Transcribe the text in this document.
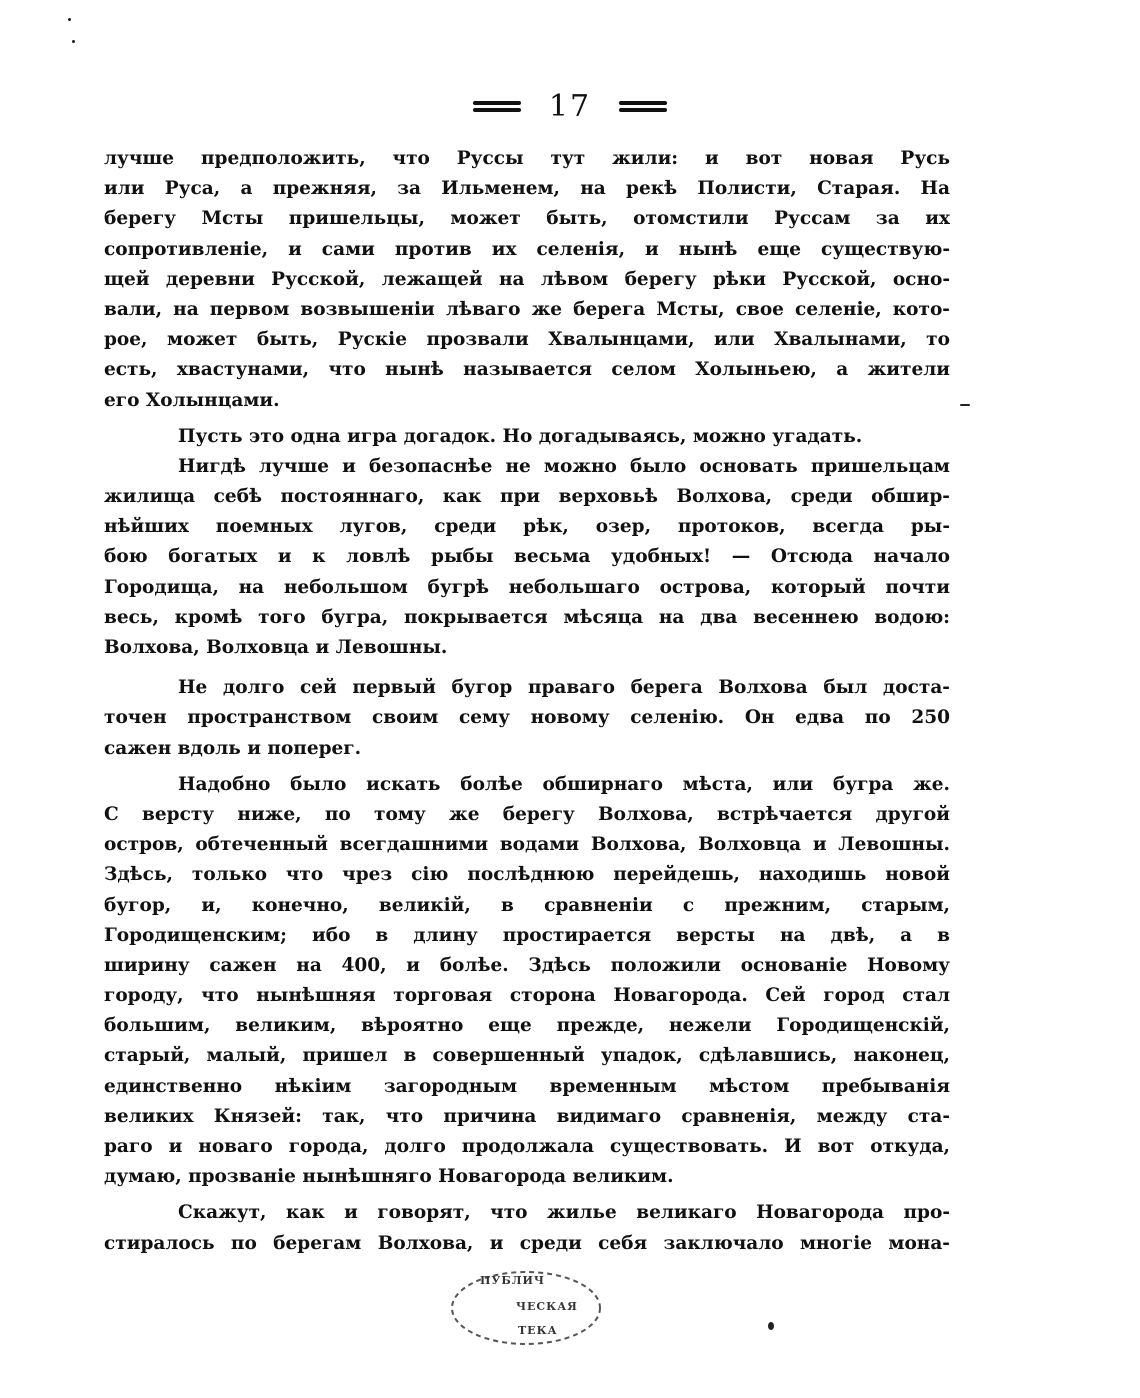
17
лучше предположить, что Руссы тут жили: и вот новая Русь
или Руса, а прежняя, за Ильменем, на рекѣ Полисти, Старая. На
берегу Мсты пришельцы, может быть, отомстили Руссам за их
сопротивленіе, и сами против их селенія, и нынѣ еще существую-
щей деревни Русской, лежащей на лѣвом берегу рѣки Русской, осно-
вали, на первом возвышеніи лѣваго же берега Мсты, свое селеніе, кото-
рое, может быть, Рускіе прозвали Хвалынцами, или Хвалынами, то
есть, хвастунами, что нынѣ называется селом Холыньею, а жители
его Холынцами.
Пусть это одна игра догадок. Но догадываясь, можно угадать.
Нигдѣ лучше и безопаснѣе не можно было основать пришельцам
жилища себѣ постояннаго, как при верховьѣ Волхова, среди обшир-
нѣйших поемных лугов, среди рѣк, озер, протоков, всегда ры-
бою богатых и к ловлѣ рыбы весьма удобных! — Отсюда начало
Городища, на небольшом бугрѣ небольшаго острова, который почти
весь, кромѣ того бугра, покрывается мѣсяца на два весеннею водою:
Волхова, Волховца и Левошны.
Не долго сей первый бугор праваго берега Волхова был доста-
точен пространством своим сему новому селенію. Он едва по 250
сажен вдоль и поперег.
Надобно было искать болѣе обширнаго мѣста, или бугра же.
С версту ниже, по тому же берегу Волхова, встрѣчается другой
остров, обтеченный всегдашними водами Волхова, Волховца и Левошны.
Здѣсь, только что чрез сію послѣднюю перейдешь, находишь новой
бугор, и, конечно, великій, в сравненіи с прежним, старым,
Городищенским; ибо в длину простирается версты на двѣ, а в
ширину сажен на 400, и болѣе. Здѣсь положили основаніе Новому
городу, что нынѣшняя торговая сторона Новагорода. Сей город стал
большим, великим, вѣроятно еще прежде, нежели Городищенскій,
старый, малый, пришел в совершенный упадок, сдѣлавшись, наконец,
единственно нѣкіим загородным временным мѣстом пребыванія
великих Князей: так, что причина видимаго сравненія, между ста-
раго и новаго города, долго продолжала существовать. И вот откуда,
думаю, прозваніе нынѣшняго Новагорода великим.
Скажут, как и говорят, что жилье великаго Новагорода про-
стиралось по берегам Волхова, и среди себя заключало многіе мона-
ПУБЛИЧ
ЧЕСКАЯ
ТЕКА
